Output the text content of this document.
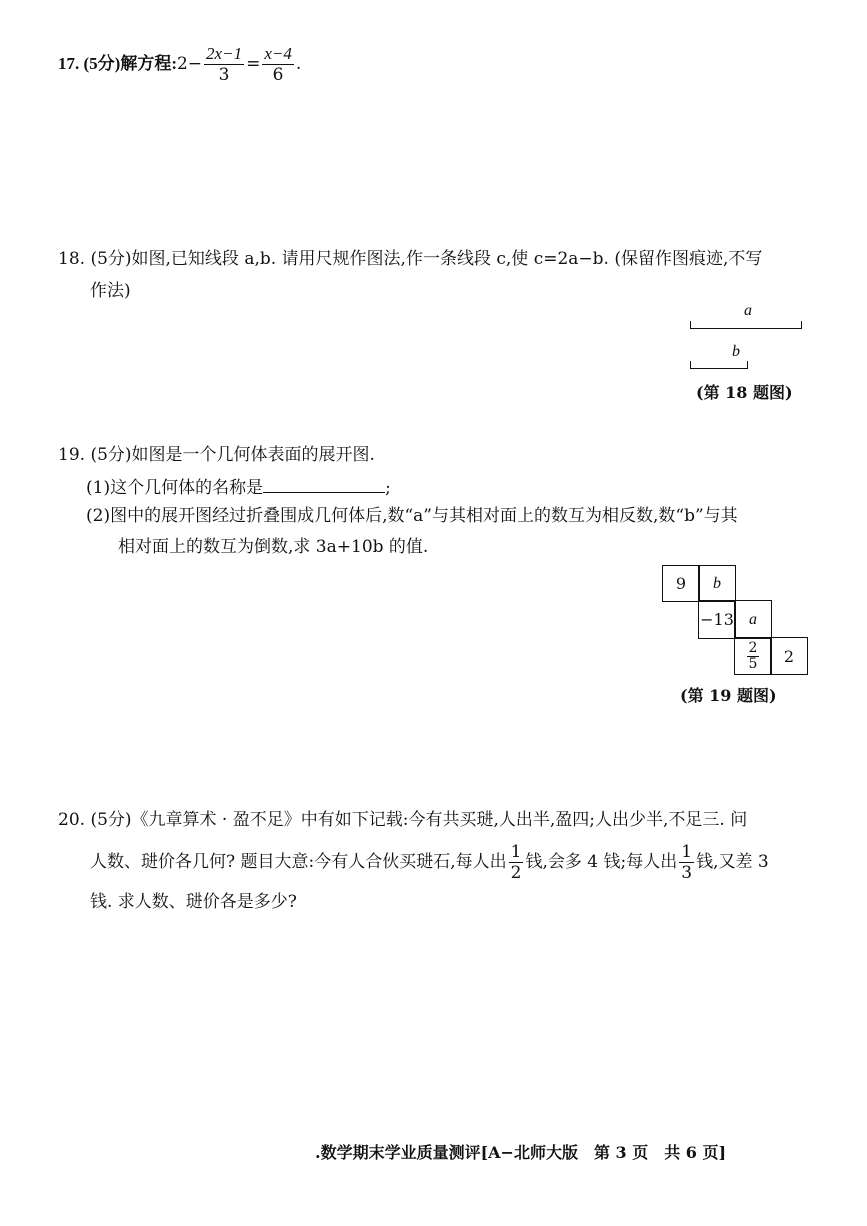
17. (5分)解方程:2− $\frac{2x-1}{3} = \frac{x-4}{6}$ .
18. (5分)如图,已知线段 a,b. 请用尺规作图法,作一条线段 c,使 c=2a−b. (保留作图痕迹,不写
作法)
a
b
(第 18 题图)
19. (5分)如图是一个几何体表面的展开图.
(1)这个几何体的名称是	;
(2)图中的展开图经过折叠围成几何体后,数“a”与其相对面上的数互为相反数,数“b”与其
相对面上的数互为倒数,求 3a+10b 的值.
9	b
−13 a
$\frac{2}{5}$	2
(第 19 题图)
20. (5分)《九章算术 · 盈不足》中有如下记载:今有共买琎,人出半,盈四;人出少半,不足三. 问
人数、琎价各几何? 题目大意:今有人合伙买琎石,每人出 $\frac{1}{2}$ 钱,会多 4 钱;每人出 $\frac{1}{3}$ 钱,又差 3
钱. 求人数、琎价各是多少?
.数学期末学业质量测评[A−北师大版　第 3 页　共 6 页]
